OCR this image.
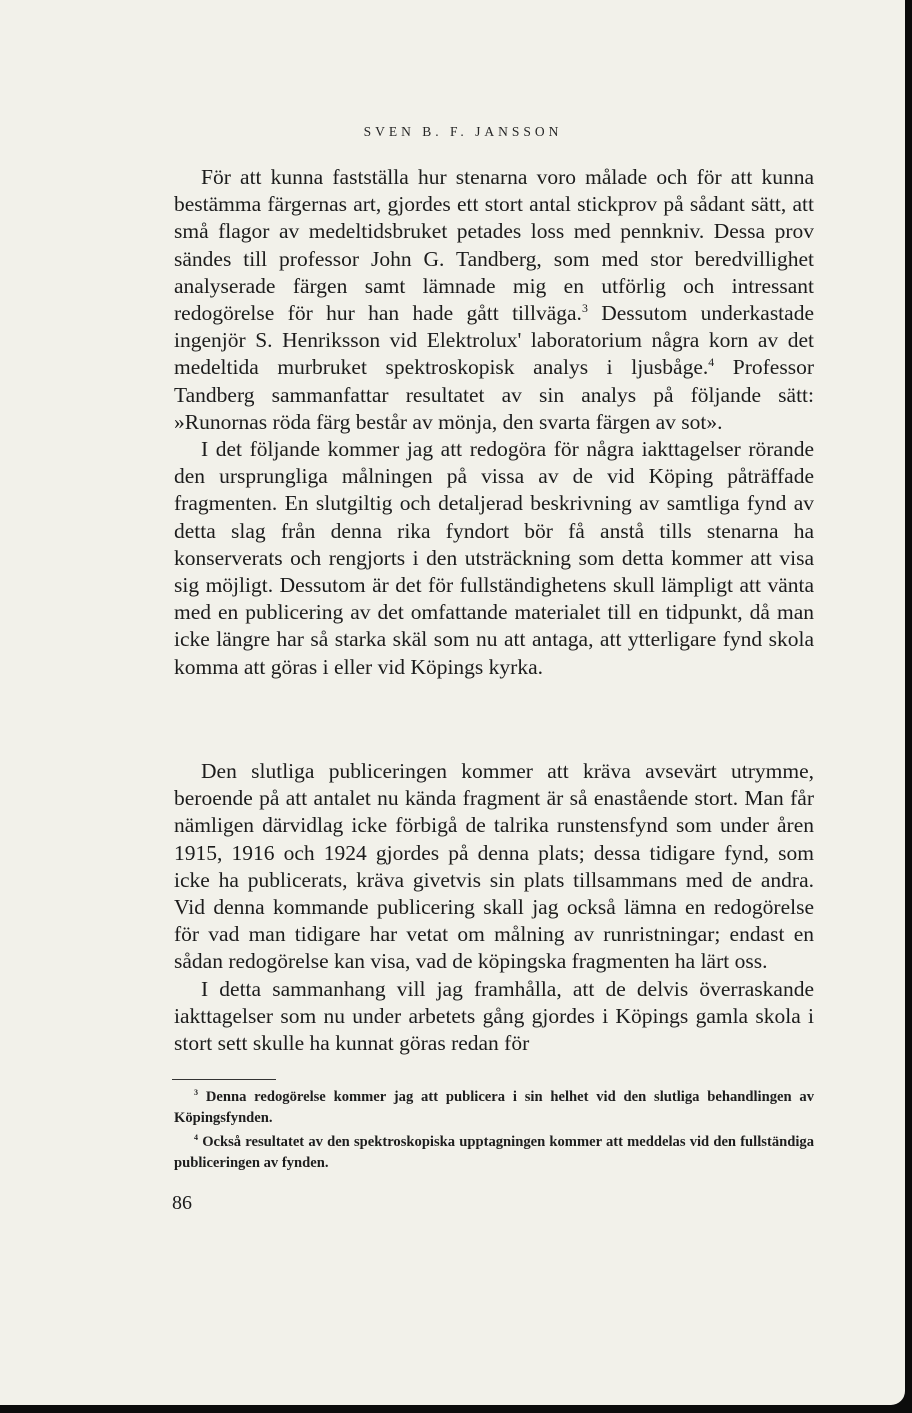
SVEN B. F. JANSSON

För att kunna fastställa hur stenarna voro målade och för att kunna bestämma färgernas art, gjordes ett stort antal stickprov på sådant sätt, att små flagor av medeltidsbruket petades loss med pennkniv. Dessa prov sändes till professor John G. Tandberg, som med stor beredvillighet analyserade färgen samt lämnade mig en utförlig och intressant redogörelse för hur han hade gått tillväga.$^3$ Dessutom underkastade ingenjör S. Henriksson vid Elektrolux' laboratorium några korn av det medeltida murbruket spektroskopisk analys i ljusbåge.$^4$ Professor Tandberg sammanfattar resultatet av sin analys på följande sätt: »Runornas röda färg består av mönja, den svarta färgen av sot».

I det följande kommer jag att redogöra för några iakttagelser rörande den ursprungliga målningen på vissa av de vid Köping påträffade fragmenten. En slutgiltig och detaljerad beskrivning av samtliga fynd av detta slag från denna rika fyndort bör få anstå tills stenarna ha konserverats och rengjorts i den utsträckning som detta kommer att visa sig möjligt. Dessutom är det för fullständighetens skull lämpligt att vänta med en publicering av det omfattande materialet till en tidpunkt, då man icke längre har så starka skäl som nu att antaga, att ytterligare fynd skola komma att göras i eller vid Köpings kyrka.

Den slutliga publiceringen kommer att kräva avsevärt utrymme, beroende på att antalet nu kända fragment är så enastående stort. Man får nämligen därvidlag icke förbigå de talrika runstensfynd som under åren 1915, 1916 och 1924 gjordes på denna plats; dessa tidigare fynd, som icke ha publicerats, kräva givetvis sin plats tillsammans med de andra. Vid denna kommande publicering skall jag också lämna en redogörelse för vad man tidigare har vetat om målning av runristningar; endast en sådan redogörelse kan visa, vad de köpingska fragmenten ha lärt oss.

I detta sammanhang vill jag framhålla, att de delvis överraskande iakttagelser som nu under arbetets gång gjordes i Köpings gamla skola i stort sett skulle ha kunnat göras redan för

$^3$ Denna redogörelse kommer jag att publicera i sin helhet vid den slutliga behandlingen av Köpingsfynden.

$^4$ Också resultatet av den spektroskopiska upptagningen kommer att meddelas vid den fullständiga publiceringen av fynden.

86
